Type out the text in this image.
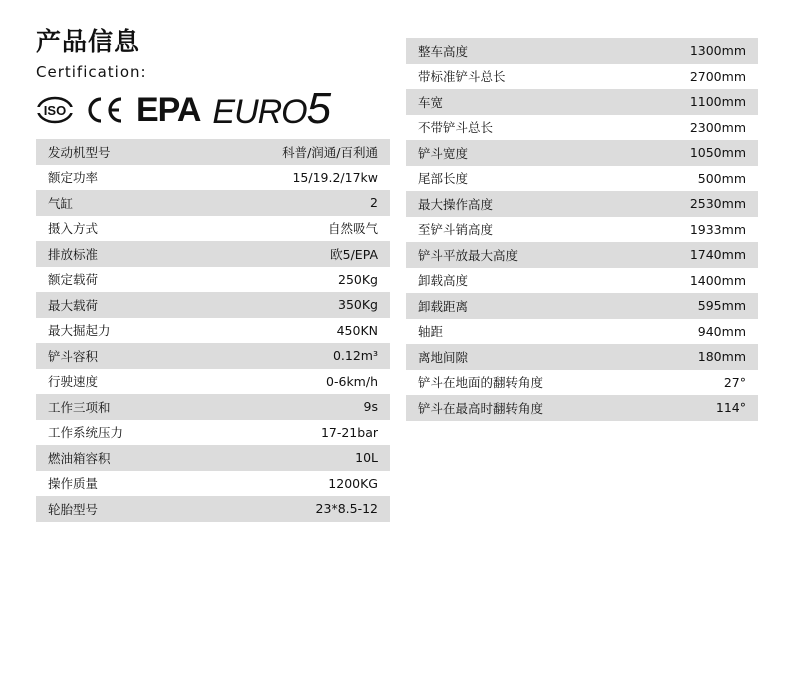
产品信息
Certification:
ISO EPA EURO5
发动机型号	科普/润通/百利通
额定功率	15/19.2/17kw
气缸	2
摄入方式	自然吸气
排放标准	欧5/EPA
额定载荷	250Kg
最大载荷	350Kg
最大掘起力	450KN
铲斗容积	0.12m³
行驶速度	0-6km/h
工作三项和	9s
工作系统压力	17-21bar
燃油箱容积	10L
操作质量	1200KG
轮胎型号	23*8.5-12
整车高度	1300mm
带标准铲斗总长	2700mm
车宽	1100mm
不带铲斗总长	2300mm
铲斗宽度	1050mm
尾部长度	500mm
最大操作高度	2530mm
至铲斗销高度	1933mm
铲斗平放最大高度	1740mm
卸载高度	1400mm
卸载距离	595mm
轴距	940mm
离地间隙	180mm
铲斗在地面的翻转角度	27°
铲斗在最高时翻转角度	114°
